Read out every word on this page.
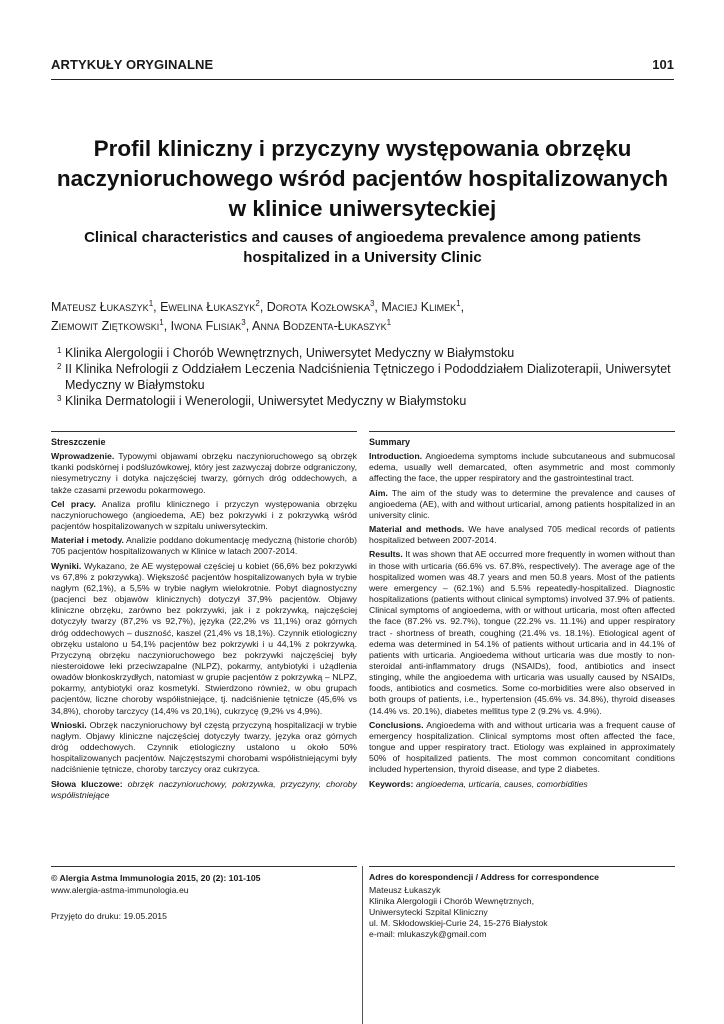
ARTYKUŁY ORYGINALNE	101
Profil kliniczny i przyczyny występowania obrzęku naczynioruchowego wśród pacjentów hospitalizowanych w klinice uniwersyteckiej
Clinical characteristics and causes of angioedema prevalence among patients hospitalized in a University Clinic
Mateusz Łukaszyk$^1$, Ewelina Łukaszyk$^2$, Dorota Kozłowska$^3$, Maciej Klimek$^1$,
Ziemowit Ziętkowski$^1$, Iwona Flisiak$^3$, Anna Bodzenta-Łukaszyk$^1$
1 Klinika Alergologii i Chorób Wewnętrznych, Uniwersytet Medyczny w Białymstoku
2 II Klinika Nefrologii z Oddziałem Leczenia Nadciśnienia Tętniczego i Pododdziałem Dializoterapii, Uniwersytet Medyczny w Białymstoku
3 Klinika Dermatologii i Wenerologii, Uniwersytet Medyczny w Białymstoku
Streszczenie

Wprowadzenie. Typowymi objawami obrzęku naczynioruchowego są obrzęk tkanki podskórnej i podśluzówkowej, który jest zazwyczaj dobrze odgraniczony, niesymetryczny i dotyka najczęściej twarzy, górnych dróg oddechowych, a także czasami przewodu pokarmowego.

Cel pracy. Analiza profilu klinicznego i przyczyn występowania obrzęku naczynioruchowego (angioedema, AE) bez pokrzywki i z pokrzywką wśród pacjentów hospitalizowanych w szpitalu uniwersyteckim.

Materiał i metody. Analizie poddano dokumentację medyczną (historie chorób) 705 pacjentów hospitalizowanych w Klinice w latach 2007-2014.

Wyniki. Wykazano, że AE występował częściej u kobiet (66,6% bez pokrzywki vs 67,8% z pokrzywką). Większość pacjentów hospitalizowanych była w trybie nagłym (62,1%), a 5,5% w trybie nagłym wielokrotnie. Pobyt diagnostyczny (pacjenci bez objawów klinicznych) dotyczył 37,9% pacjentów. Objawy kliniczne obrzęku, zarówno bez pokrzywki, jak i z pokrzywką, najczęściej dotyczyły twarzy (87,2% vs 92,7%), języka (22,2% vs 11,1%) oraz górnych dróg oddechowych – duszność, kaszel (21,4% vs 18,1%). Czynnik etiologiczny obrzęku ustalono u 54,1% pacjentów bez pokrzywki i u 44,1% z pokrzywką. Przyczyną obrzęku naczynioruchowego bez pokrzywki najczęściej były niesteroidowe leki przeciwzapalne (NLPZ), pokarmy, antybiotyki i użądlenia owadów błonkoskrzydłych, natomiast w grupie pacjentów z pokrzywką – NLPZ, pokarmy, antybiotyki oraz kosmetyki. Stwierdzono również, w obu grupach pacjentów, liczne choroby współistniejące, tj. nadciśnienie tętnicze (45,6% vs 34,8%), choroby tarczycy (14,4% vs 20,1%), cukrzycę (9,2% vs 4,9%).

Wnioski. Obrzęk naczynioruchowy był częstą przyczyną hospitalizacji w trybie nagłym. Objawy kliniczne najczęściej dotyczyły twarzy, języka oraz górnych dróg oddechowych. Czynnik etiologiczny ustalono u około 50% hospitalizowanych pacjentów. Najczęstszymi chorobami współistniejącymi były nadciśnienie tętnicze, choroby tarczycy oraz cukrzyca.

Słowa kluczowe: obrzęk naczynioruchowy, pokrzywka, przyczyny, choroby współistniejące

Summary

Introduction. Angioedema symptoms include subcutaneous and submucosal edema, usually well demarcated, often asymmetric and most commonly affecting the face, the upper respiratory and the gastrointestinal tract.

Aim. The aim of the study was to determine the prevalence and causes of angioedema (AE), with and without urticarial, among patients hospitalized in an university clinic.

Material and methods. We have analysed 705 medical records of patients hospitalized between 2007-2014.

Results. It was shown that AE occurred more frequently in women without than in those with urticaria (66.6% vs. 67.8%, respectively). The average age of the hospitalized women was 48.7 years and men 50.8 years. Most of the patients were emergency – (62.1%) and 5.5% repeatedly-hospitalized. Diagnostic hospitalizations (patients without clinical symptoms) involved 37.9% of patients. Clinical symptoms of angioedema, with or without urticaria, most often affected the face (87.2% vs. 92.7%), tongue (22.2% vs. 11.1%) and upper respiratory tract - shortness of breath, coughing (21.4% vs. 18.1%). Etiological agent of edema was determined in 54.1% of patients without urticaria and in 44.1% of patients with urticaria. Angioedema without urticaria was due mostly to non-steroidal anti-inflammatory drugs (NSAIDs), food, antibiotics and insect stinging, while the angioedema with urticaria was usually caused by NSAIDs, foods, antibiotics and cosmetics. Some co-morbidities were also observed in both groups of patients, i.e., hypertension (45.6% vs. 34.8%), thyroid diseases (14.4% vs. 20.1%), diabetes mellitus type 2 (9.2% vs. 4.9%).

Conclusions. Angioedema with and without urticaria was a frequent cause of emergency hospitalization. Clinical symptoms most often affected the face, tongue and upper respiratory tract. Etiology was explained in approximately 50% of hospitalized patients. The most common concomitant conditions included hypertension, thyroid disease, and type 2 diabetes.

Keywords: angioedema, urticaria, causes, comorbidities

© Alergia Astma Immunologia 2015, 20 (2): 101-105
www.alergia-astma-immunologia.eu
Przyjęto do druku: 19.05.2015
Adres do korespondencji / Address for correspondence
Mateusz Łukaszyk
Klinika Alergologii i Chorób Wewnętrznych,
Uniwersytecki Szpital Kliniczny
ul. M. Skłodowskiej-Curie 24, 15-276 Białystok
e-mail: mlukaszyk@gmail.com
